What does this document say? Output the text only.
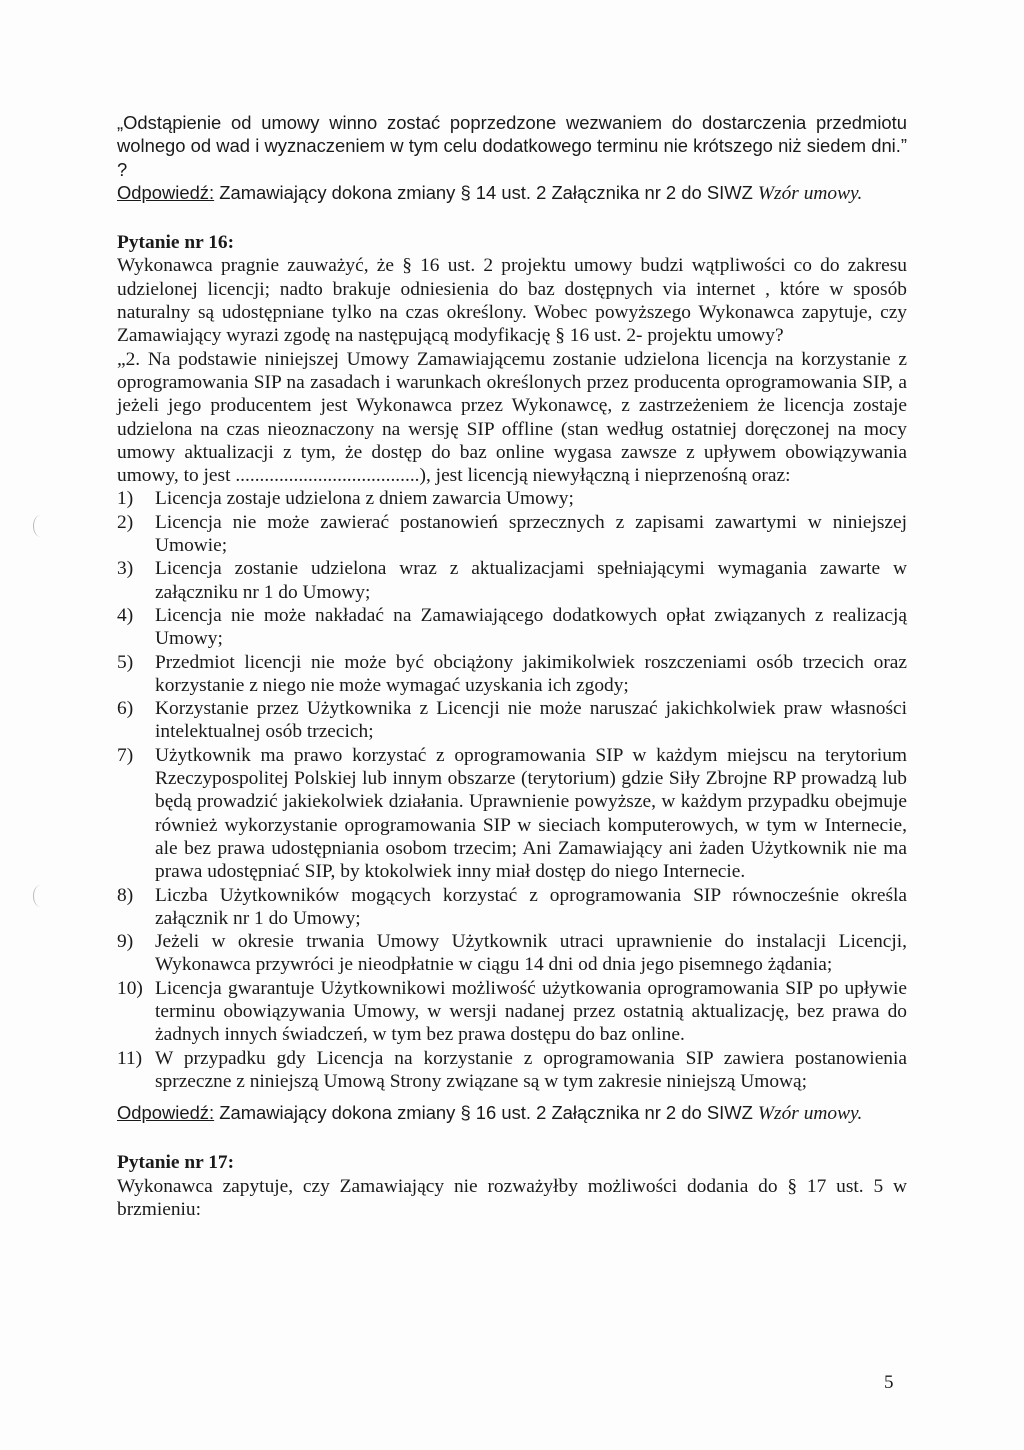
„Odstąpienie od umowy winno zostać poprzedzone wezwaniem do dostarczenia przedmiotu wolnego od wad i wyznaczeniem w tym celu dodatkowego terminu nie krótszego niż siedem dni.” ?

Odpowiedź: Zamawiający dokona zmiany § 14 ust. 2 Załącznika nr 2 do SIWZ Wzór umowy.

Pytanie nr 16:

Wykonawca pragnie zauważyć, że § 16 ust. 2 projektu umowy budzi wątpliwości co do zakresu udzielonej licencji; nadto brakuje odniesienia do baz dostępnych via internet , które w sposób naturalny są udostępniane tylko na czas określony. Wobec powyższego Wykonawca zapytuje, czy Zamawiający wyrazi zgodę na następującą modyfikację § 16 ust. 2- projektu umowy?

„2. Na podstawie niniejszej Umowy Zamawiającemu zostanie udzielona licencja na korzystanie z oprogramowania SIP na zasadach i warunkach określonych przez producenta oprogramowania SIP, a jeżeli jego producentem jest Wykonawca przez Wykonawcę, z zastrzeżeniem że licencja zostaje udzielona na czas nieoznaczony na wersję SIP offline (stan według ostatniej doręczonej na mocy umowy aktualizacji z tym, że dostęp do baz online wygasa zawsze z upływem obowiązywania umowy, to jest ......................................), jest licencją niewyłączną i nieprzenośną oraz:

1)	Licencja zostaje udzielona z dniem zawarcia Umowy;
2)	Licencja nie może zawierać postanowień sprzecznych z zapisami zawartymi w niniejszej Umowie;
3)	Licencja zostanie udzielona wraz z aktualizacjami spełniającymi wymagania zawarte w załączniku nr 1 do Umowy;
4)	Licencja nie może nakładać na Zamawiającego dodatkowych opłat związanych z realizacją Umowy;
5)	Przedmiot licencji nie może być obciążony jakimikolwiek roszczeniami osób trzecich oraz korzystanie z niego nie może wymagać uzyskania ich zgody;
6)	Korzystanie przez Użytkownika z Licencji nie może naruszać jakichkolwiek praw własności intelektualnej osób trzecich;
7)	Użytkownik ma prawo korzystać z oprogramowania SIP w każdym miejscu na terytorium Rzeczypospolitej Polskiej lub innym obszarze (terytorium) gdzie Siły Zbrojne RP prowadzą lub będą prowadzić jakiekolwiek działania. Uprawnienie powyższe, w każdym przypadku obejmuje również wykorzystanie oprogramowania SIP w sieciach komputerowych, w tym w Internecie, ale bez prawa udostępniania osobom trzecim; Ani Zamawiający ani żaden Użytkownik nie ma prawa udostępniać SIP, by ktokolwiek inny miał dostęp do niego Internecie.
8)	Liczba Użytkowników mogących korzystać z oprogramowania SIP równocześnie określa załącznik nr 1 do Umowy;
9)	Jeżeli w okresie trwania Umowy Użytkownik utraci uprawnienie do instalacji Licencji, Wykonawca przywróci je nieodpłatnie w ciągu 14 dni od dnia jego pisemnego żądania;
10) Licencja gwarantuje Użytkownikowi możliwość użytkowania oprogramowania SIP po upływie terminu obowiązywania Umowy, w wersji nadanej przez ostatnią aktualizację, bez prawa do żadnych innych świadczeń, w tym bez prawa dostępu do baz online.
11) W przypadku gdy Licencja na korzystanie z oprogramowania SIP zawiera postanowienia sprzeczne z niniejszą Umową Strony związane są w tym zakresie niniejszą Umową;

Odpowiedź: Zamawiający dokona zmiany § 16 ust. 2 Załącznika nr 2 do SIWZ Wzór umowy.

Pytanie nr 17:

Wykonawca zapytuje, czy Zamawiający nie rozważyłby możliwości dodania do § 17 ust. 5 w brzmieniu:

5
